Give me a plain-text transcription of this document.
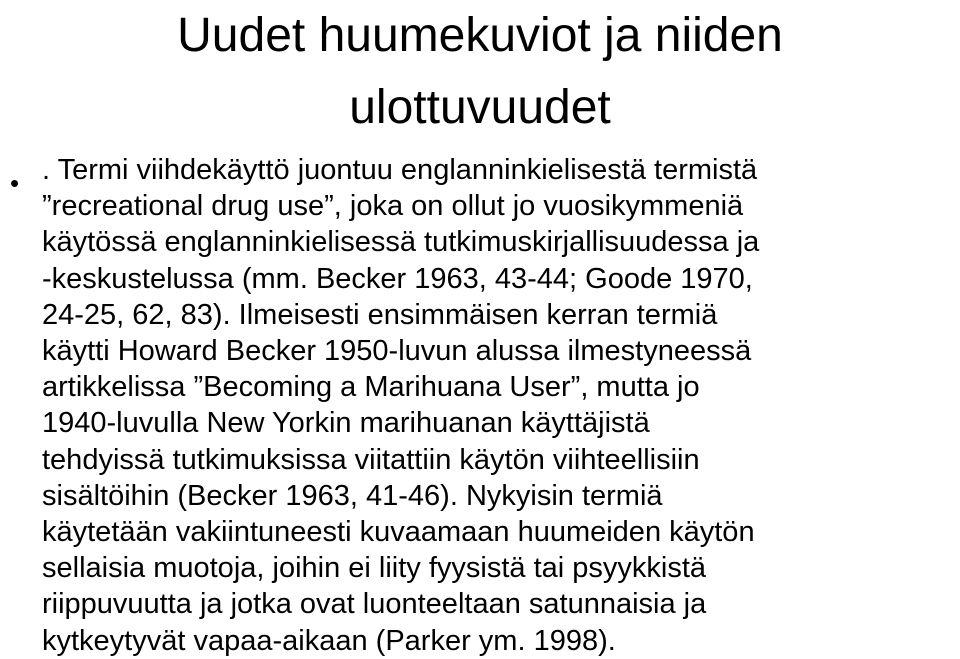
Uudet huumekuviot ja niiden
ulottuvuudet
• . Termi viihdekäyttö juontuu englanninkielisestä termistä
”recreational drug use”, joka on ollut jo vuosikymmeniä
käytössä englanninkielisessä tutkimuskirjallisuudessa ja
-keskustelussa (mm. Becker 1963, 43-44; Goode 1970,
24-25, 62, 83). Ilmeisesti ensimmäisen kerran termiä
käytti Howard Becker 1950-luvun alussa ilmestyneessä
artikkelissa ”Becoming a Marihuana User”, mutta jo
1940-luvulla New Yorkin marihuanan käyttäjistä
tehdyissä tutkimuksissa viitattiin käytön viihteellisiin
sisältöihin (Becker 1963, 41-46). Nykyisin termiä
käytetään vakiintuneesti kuvaamaan huumeiden käytön
sellaisia muotoja, joihin ei liity fyysistä tai psyykkistä
riippuvuutta ja jotka ovat luonteeltaan satunnaisia ja
kytkeytyvät vapaa-aikaan (Parker ym. 1998).
